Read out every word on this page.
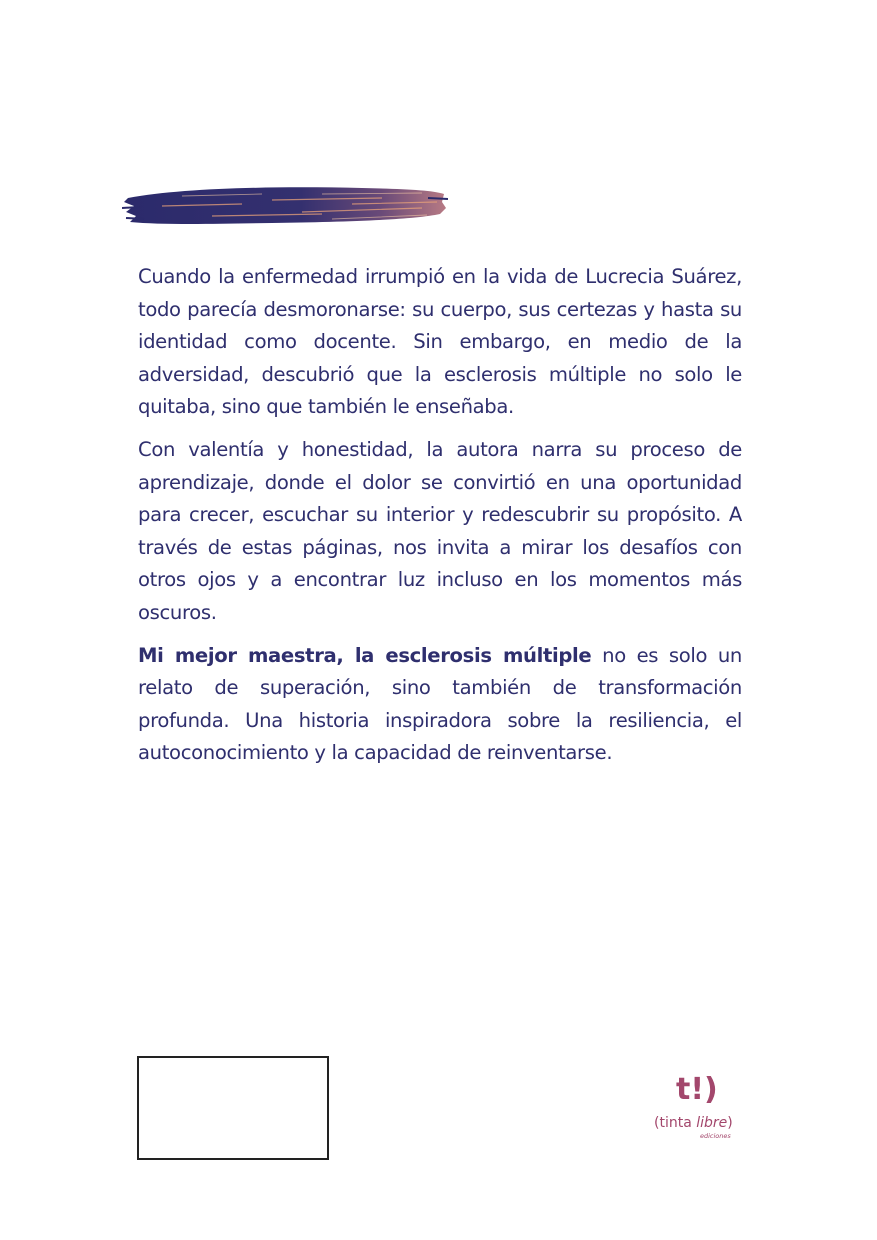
Cuando la enfermedad irrumpió en la vida de Lucrecia Suárez, todo parecía desmoronarse: su cuerpo, sus certezas y hasta su identidad como docente. Sin embargo, en medio de la adversidad, descubrió que la esclerosis múltiple no solo le quitaba, sino que también le enseñaba.

Con valentía y honestidad, la autora narra su proceso de aprendizaje, donde el dolor se convirtió en una oportunidad para crecer, escuchar su interior y redescubrir su propósito. A través de estas páginas, nos invita a mirar los desafíos con otros ojos y a encontrar luz incluso en los momentos más oscuros.

Mi mejor maestra, la esclerosis múltiple no es solo un relato de superación, sino también de transformación profunda. Una historia inspiradora sobre la resiliencia, el autoconocimiento y la capacidad de reinventarse.

t!)
(tinta libre)
ediciones
